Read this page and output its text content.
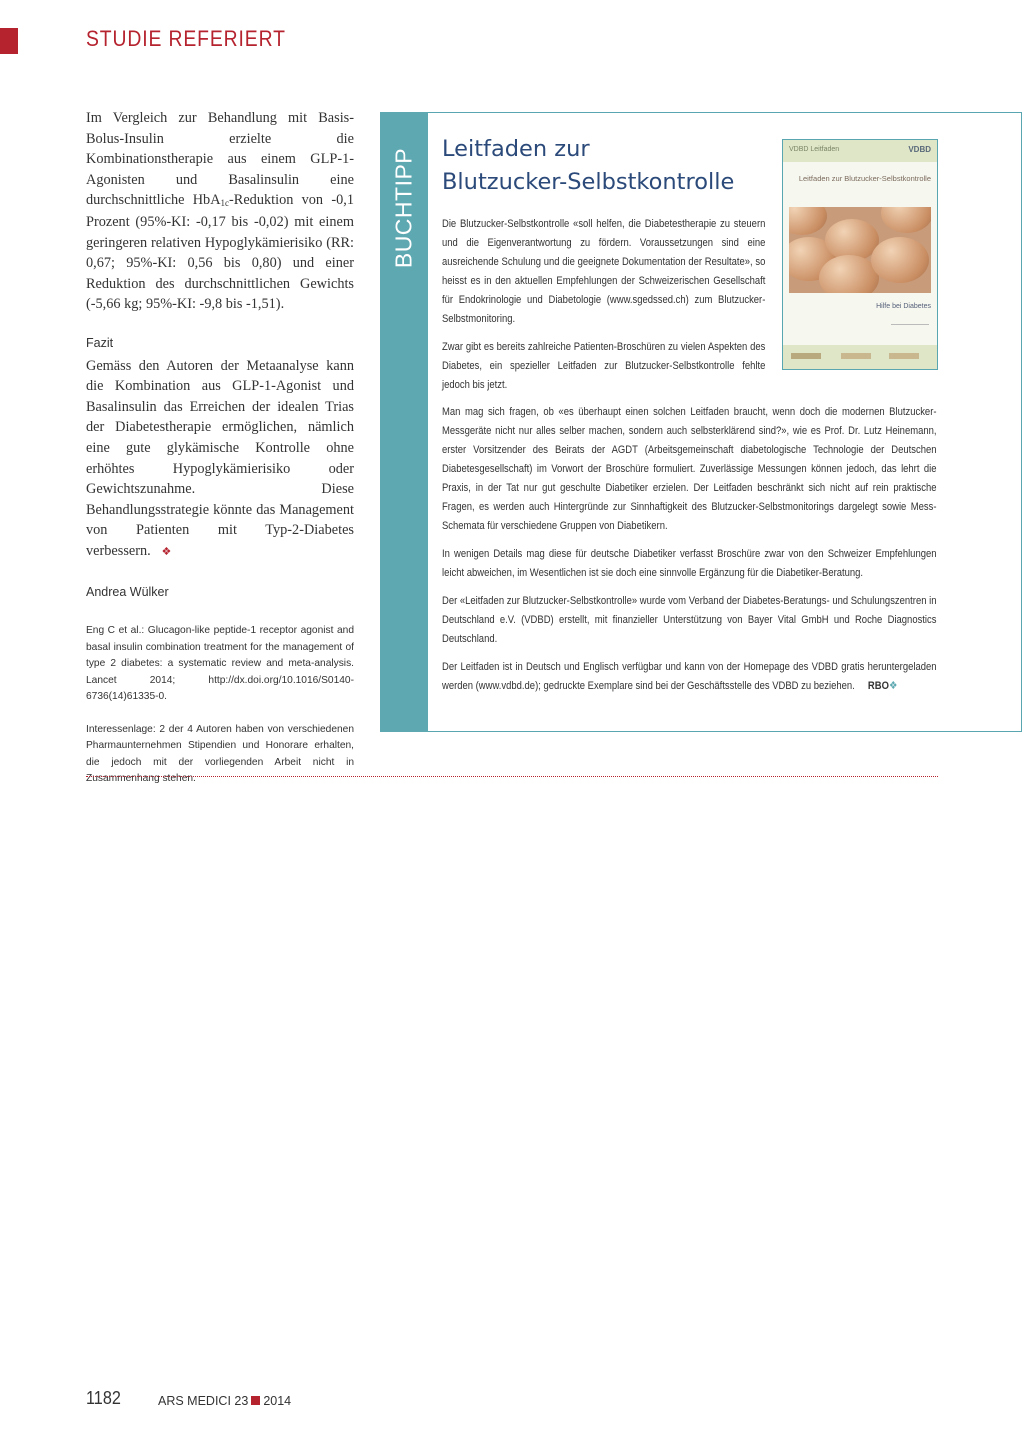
STUDIE REFERIERT

Im Vergleich zur Behandlung mit Basis-Bolus-Insulin erzielte die Kombinationstherapie aus einem GLP-1-Agonisten und Basalinsulin eine durchschnittliche HbA$_{1c}$-Reduktion von -0,1 Prozent (95%-KI: -0,17 bis -0,02) mit einem geringeren relativen Hypoglykämierisiko (RR: 0,67; 95%-KI: 0,56 bis 0,80) und einer Reduktion des durchschnittlichen Gewichts (-5,66 kg; 95%-KI: -9,8 bis -1,51).

Fazit

Gemäss den Autoren der Metaanalyse kann die Kombination aus GLP-1-Agonist und Basalinsulin das Erreichen der idealen Trias der Diabetestherapie ermöglichen, nämlich eine gute glykämische Kontrolle ohne erhöhtes Hypoglykämierisiko oder Gewichtszunahme. Diese Behandlungsstrategie könnte das Management von Patienten mit Typ-2-Diabetes verbessern. ❖

Andrea Wülker
Eng C et al.: Glucagon-like peptide-1 receptor agonist and basal insulin combination treatment for the management of type 2 diabetes: a systematic review and meta-analysis. Lancet 2014; http://dx.doi.org/10.1016/S0140-6736(14)61335-0.
Interessenlage: 2 der 4 Autoren haben von verschiedenen Pharmaunternehmen Stipendien und Honorare erhalten, die jedoch mit der vorliegenden Arbeit nicht in Zusammenhang stehen.
BUCHTIPP Leitfaden zur
Blutzucker-Selbstkontrolle

Die Blutzucker-Selbstkontrolle «soll helfen, die Diabetestherapie zu steuern und die Eigenverantwortung zu fördern. Voraussetzungen sind eine ausreichende Schulung und die geeignete Dokumentation der Resultate», so heisst es in den aktuellen Empfehlungen der Schweizerischen Gesellschaft für Endokrinologie und Diabetologie (www.sgedssed.ch) zum Blutzucker-Selbstmonitoring.

Zwar gibt es bereits zahlreiche Patienten-Broschüren zu vielen Aspekten des Diabetes, ein spezieller Leitfaden zur Blutzucker-Selbstkontrolle fehlte jedoch bis jetzt.

Man mag sich fragen, ob «es überhaupt einen solchen Leitfaden braucht, wenn doch die modernen Blutzucker-Messgeräte nicht nur alles selber machen, sondern auch selbsterklärend sind?», wie es Prof. Dr. Lutz Heinemann, erster Vorsitzender des Beirats der AGDT (Arbeitsgemeinschaft diabetologische Technologie der Deutschen Diabetesgesellschaft) im Vorwort der Broschüre formuliert. Zuverlässige Messungen können jedoch, das lehrt die Praxis, in der Tat nur gut geschulte Diabetiker erzielen. Der Leitfaden beschränkt sich nicht auf rein praktische Fragen, es werden auch Hintergründe zur Sinnhaftigkeit des Blutzucker-Selbstmonitorings dargelegt sowie Mess-Schemata für verschiedene Gruppen von Diabetikern.

In wenigen Details mag diese für deutsche Diabetiker verfasst Broschüre zwar von den Schweizer Empfehlungen leicht abweichen, im Wesentlichen ist sie doch eine sinnvolle Ergänzung für die Diabetiker-Beratung.

Der «Leitfaden zur Blutzucker-Selbstkontrolle» wurde vom Verband der Diabetes-Beratungs- und Schulungszentren in Deutschland e.V. (VDBD) erstellt, mit finanzieller Unterstützung von Bayer Vital GmbH und Roche Diagnostics Deutschland.

Der Leitfaden ist in Deutsch und Englisch verfügbar und kann von der Homepage des VDBD gratis heruntergeladen werden (www.vdbd.de); gedruckte Exemplare sind bei der Geschäftsstelle des VDBD zu beziehen. RBO❖

VDBD Leitfaden	VDBD
Leitfaden zur Blutzucker-Selbstkontrolle
Hilfe bei Diabetes
1182	ARS MEDICI 23 2014
